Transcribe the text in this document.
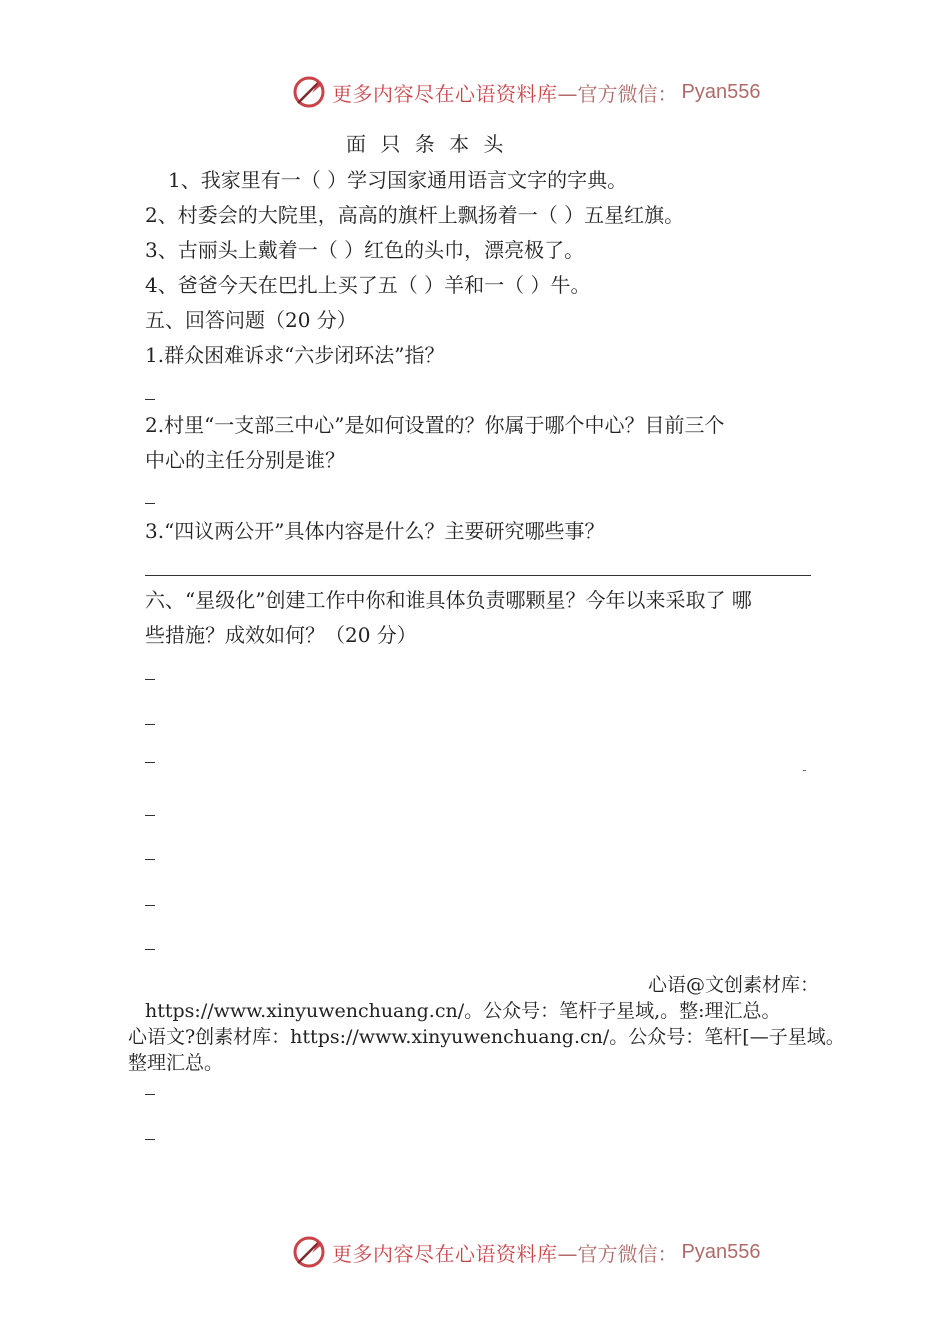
更多内容尽在心语资料库 —官方微信： Pyan556
面 只 条 本 头
1、我家里有一（ ）学习国家通用语言文字的字典。
2、村委会的大院里，高高的旗杆上飘扬着一（ ）五星红旗。
3、古丽头上戴着一（ ）红色的头巾，漂亮极了。
4、爸爸今天在巴扎上买了五（ ）羊和一（ ）牛。
五、回答问题（20 分）
1.群众困难诉求“六步闭环法”指？
2.村里“一支部三中心”是如何设置的？你属于哪个中心？目前三个
中心的主任分别是谁？
3.“四议两公开”具体内容是什么？主要研究哪些事？
六、“星级化”创建工作中你和谁具体负责哪颗星？今年以来采取了 哪
些措施？成效如何？（20 分）
心语@文创素材库：
https://www.xinyuwenchuang.cn/。公众号：笔杆子星域,。整:理汇总。
心语文?创素材库：https://www.xinyuwenchuang.cn/。公众号：笔杆[—子星域。
整理汇总。
更多内容尽在心语资料库 —官方微信： Pyan556
